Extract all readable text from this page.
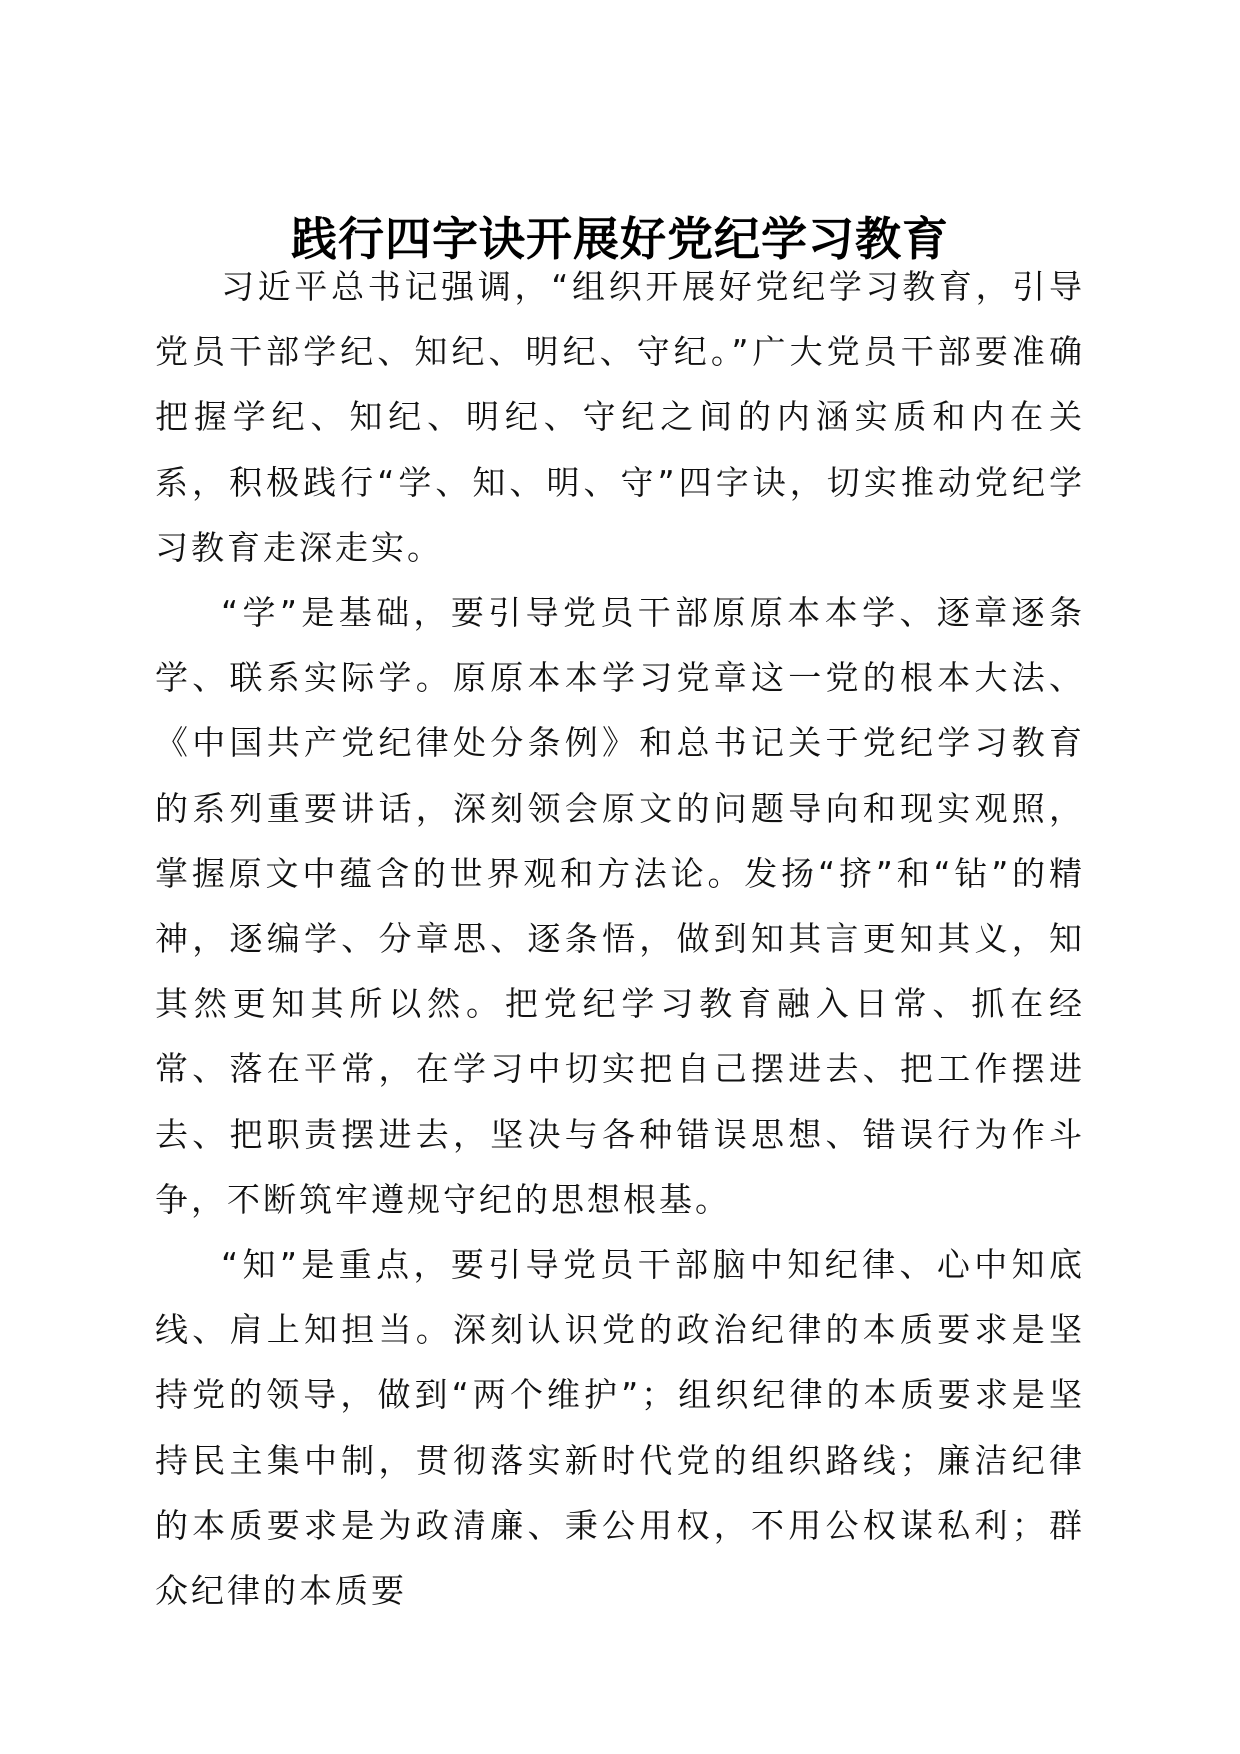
践行四字诀开展好党纪学习教育

习近平总书记强调，“组织开展好党纪学习教育，引导党员干部学纪、知纪、明纪、守纪。”广大党员干部要准确把握学纪、知纪、明纪、守纪之间的内涵实质和内在关系，积极践行“学、知、明、守”四字诀，切实推动党纪学习教育走深走实。

“学”是基础，要引导党员干部原原本本学、逐章逐条学、联系实际学。原原本本学习党章这一党的根本大法、《中国共产党纪律处分条例》和总书记关于党纪学习教育的系列重要讲话，深刻领会原文的问题导向和现实观照，掌握原文中蕴含的世界观和方法论。发扬“挤”和“钻”的精神，逐编学、分章思、逐条悟，做到知其言更知其义，知其然更知其所以然。把党纪学习教育融入日常、抓在经常、落在平常，在学习中切实把自己摆进去、把工作摆进去、把职责摆进去，坚决与各种错误思想、错误行为作斗争，不断筑牢遵规守纪的思想根基。

“知”是重点，要引导党员干部脑中知纪律、心中知底线、肩上知担当。深刻认识党的政治纪律的本质要求是坚持党的领导，做到“两个维护”；组织纪律的本质要求是坚持民主集中制，贯彻落实新时代党的组织路线；廉洁纪律的本质要求是为政清廉、秉公用权，不用公权谋私利；群众纪律的本质要
